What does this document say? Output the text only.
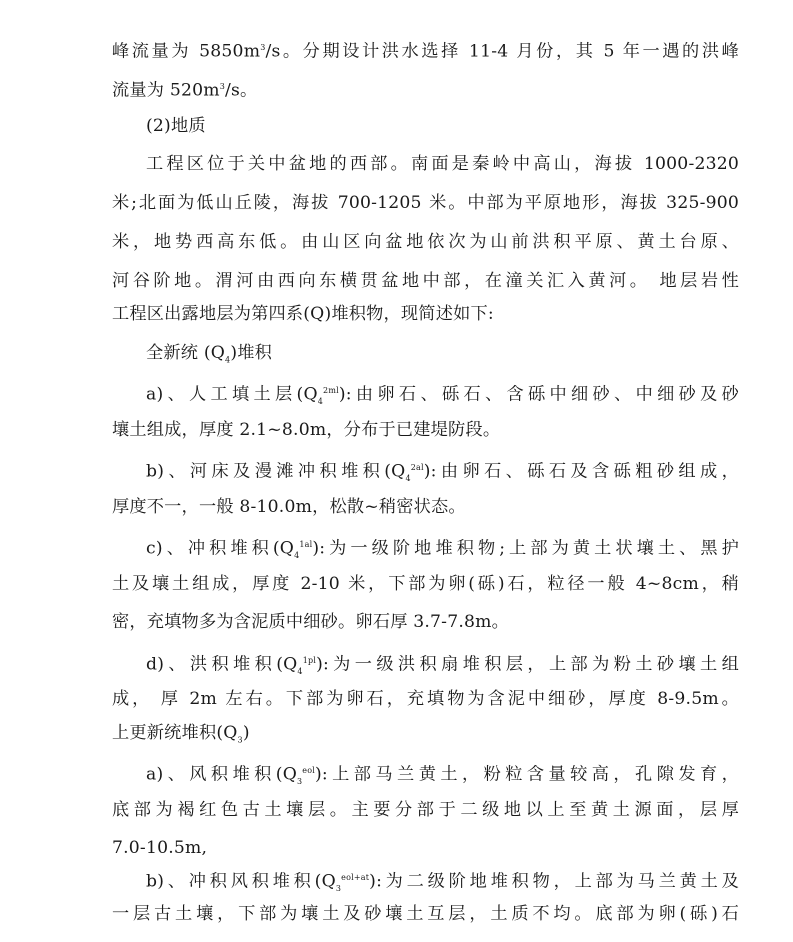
峰流量为 $5850m^3/s$。分期设计洪水选择 11-4 月份，其 5 年一遇的洪峰
流量为 $520m^3/s$。
(2)地质
工程区位于关中盆地的西部。南面是秦岭中高山，海拔 1000-2320
米;北面为低山丘陵，海拔 700-1205 米。中部为平原地形，海拔 325-900
米，地势西高东低。由山区向盆地依次为山前洪积平原、黄土台原、
河谷阶地。渭河由西向东横贯盆地中部，在潼关汇入黄河。 地层岩性
工程区出露地层为第四系(Q)堆积物，现简述如下:
全新统 $(Q_4)$堆积
a)、人工填土层$(Q_4^{2ml})$:由卵石、砾石、含砾中细砂、中细砂及砂
壤土组成，厚度 2.1~8.0m，分布于已建堤防段。
b)、河床及漫滩冲积堆积$(Q_4^{2al})$:由卵石、砾石及含砾粗砂组成，
厚度不一，一般 8-10.0m，松散~稍密状态。
c)、冲积堆积$(Q_4^{1al})$:为一级阶地堆积物;上部为黄土状壤土、黑护
土及壤土组成，厚度 2-10 米，下部为卵(砾)石，粒径一般 4~8cm，稍
密，充填物多为含泥质中细砂。卵石厚 3.7-7.8m。
d)、洪积堆积$(Q_4^{1pl})$:为一级洪积扇堆积层，上部为粉土砂壤土组
成， 厚 2m 左右。下部为卵石，充填物为含泥中细砂，厚度 8-9.5m。
上更新统堆积$(Q_3)$
a)、风积堆积$(Q_3^{eol})$:上部马兰黄土，粉粒含量较高，孔隙发育，
底部为褐红色古土壤层。主要分部于二级地以上至黄土源面，层厚
7.0-10.5m,
b)、冲积风积堆积$(Q_3^{eol+at})$:为二级阶地堆积物，上部为马兰黄土及
一层古土壤，下部为壤土及砂壤土互层，土质不均。底部为卵(砾)石
